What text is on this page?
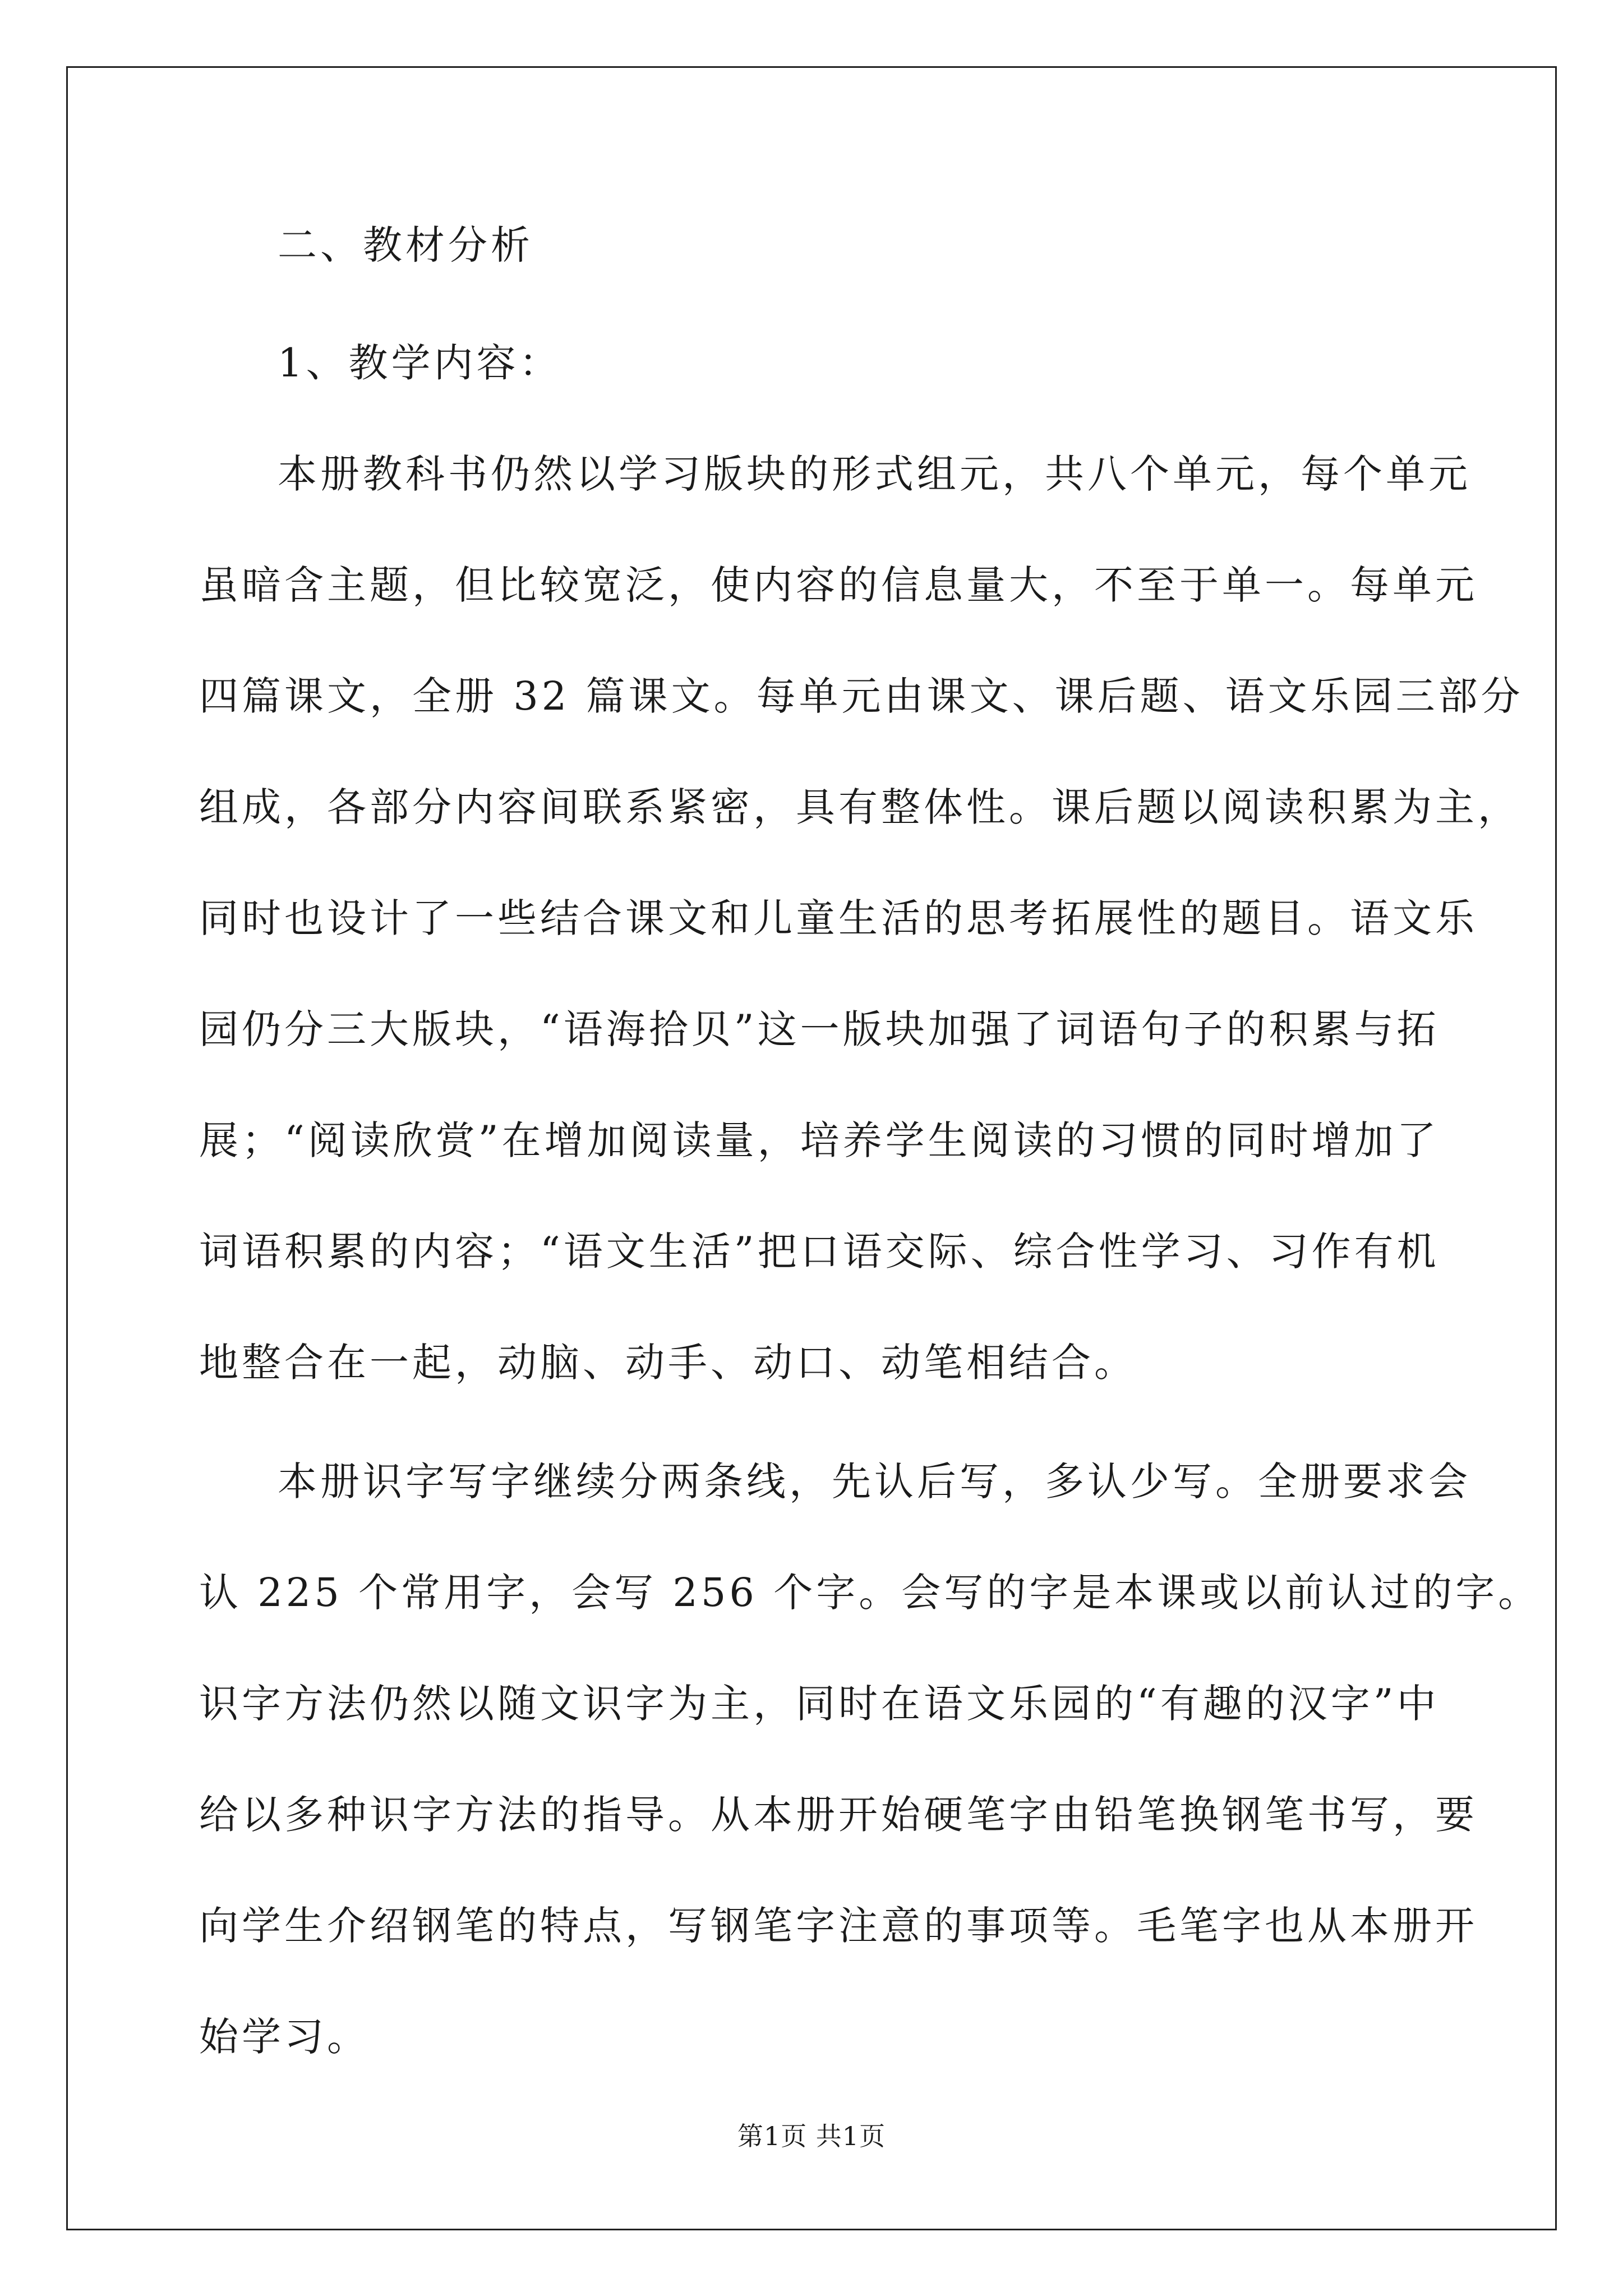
二、教材分析
1、教学内容：
本册教科书仍然以学习版块的形式组元，共八个单元，每个单元
虽暗含主题，但比较宽泛，使内容的信息量大，不至于单一。每单元
四篇课文，全册 32 篇课文。每单元由课文、课后题、语文乐园三部分
组成，各部分内容间联系紧密，具有整体性。课后题以阅读积累为主，
同时也设计了一些结合课文和儿童生活的思考拓展性的题目。语文乐
园仍分三大版块，“语海拾贝”这一版块加强了词语句子的积累与拓
展；“阅读欣赏”在增加阅读量，培养学生阅读的习惯的同时增加了
词语积累的内容；“语文生活”把口语交际、综合性学习、习作有机
地整合在一起，动脑、动手、动口、动笔相结合。
本册识字写字继续分两条线，先认后写，多认少写。全册要求会
认 225 个常用字，会写 256 个字。会写的字是本课或以前认过的字。
识字方法仍然以随文识字为主，同时在语文乐园的“有趣的汉字”中
给以多种识字方法的指导。从本册开始硬笔字由铅笔换钢笔书写，要
向学生介绍钢笔的特点，写钢笔字注意的事项等。毛笔字也从本册开
始学习。
第1页 共1页
